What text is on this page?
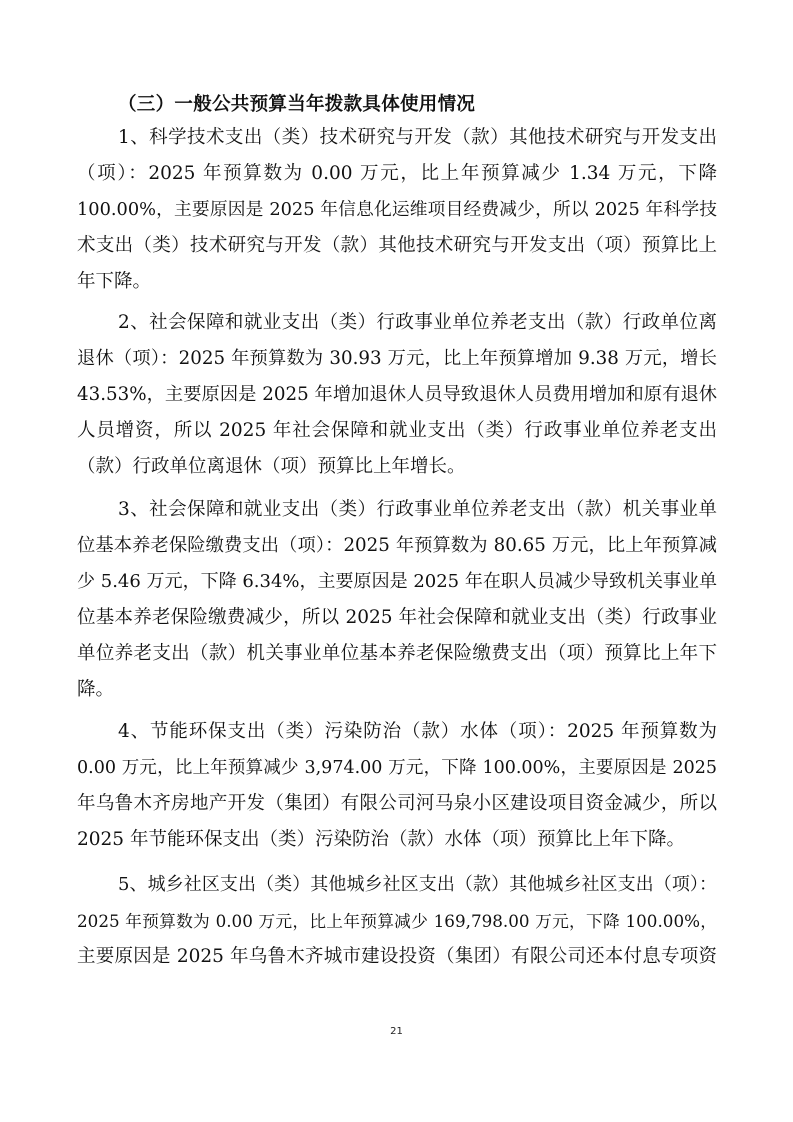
（三）一般公共预算当年拨款具体使用情况
1、科学技术支出（类）技术研究与开发（款）其他技术研究与开发支出
（项）：2025 年预算数为 0.00 万元，比上年预算减少 1.34 万元，下降
100.00%，主要原因是 2025 年信息化运维项目经费减少，所以 2025 年科学技
术支出（类）技术研究与开发（款）其他技术研究与开发支出（项）预算比上
年下降。
2、社会保障和就业支出（类）行政事业单位养老支出（款）行政单位离
退休（项）：2025 年预算数为 30.93 万元，比上年预算增加 9.38 万元，增长
43.53%，主要原因是 2025 年增加退休人员导致退休人员费用增加和原有退休
人员增资，所以 2025 年社会保障和就业支出（类）行政事业单位养老支出
（款）行政单位离退休（项）预算比上年增长。
3、社会保障和就业支出（类）行政事业单位养老支出（款）机关事业单
位基本养老保险缴费支出（项）：2025 年预算数为 80.65 万元，比上年预算减
少 5.46 万元，下降 6.34%，主要原因是 2025 年在职人员减少导致机关事业单
位基本养老保险缴费减少，所以 2025 年社会保障和就业支出（类）行政事业
单位养老支出（款）机关事业单位基本养老保险缴费支出（项）预算比上年下
降。
4、节能环保支出（类）污染防治（款）水体（项）：2025 年预算数为
0.00 万元，比上年预算减少 3,974.00 万元，下降 100.00%，主要原因是 2025
年乌鲁木齐房地产开发（集团）有限公司河马泉小区建设项目资金减少，所以
2025 年节能环保支出（类）污染防治（款）水体（项）预算比上年下降。
5、城乡社区支出（类）其他城乡社区支出（款）其他城乡社区支出（项）：
2025 年预算数为 0.00 万元，比上年预算减少 169,798.00 万元，下降 100.00%，
主要原因是 2025 年乌鲁木齐城市建设投资（集团）有限公司还本付息专项资
21
